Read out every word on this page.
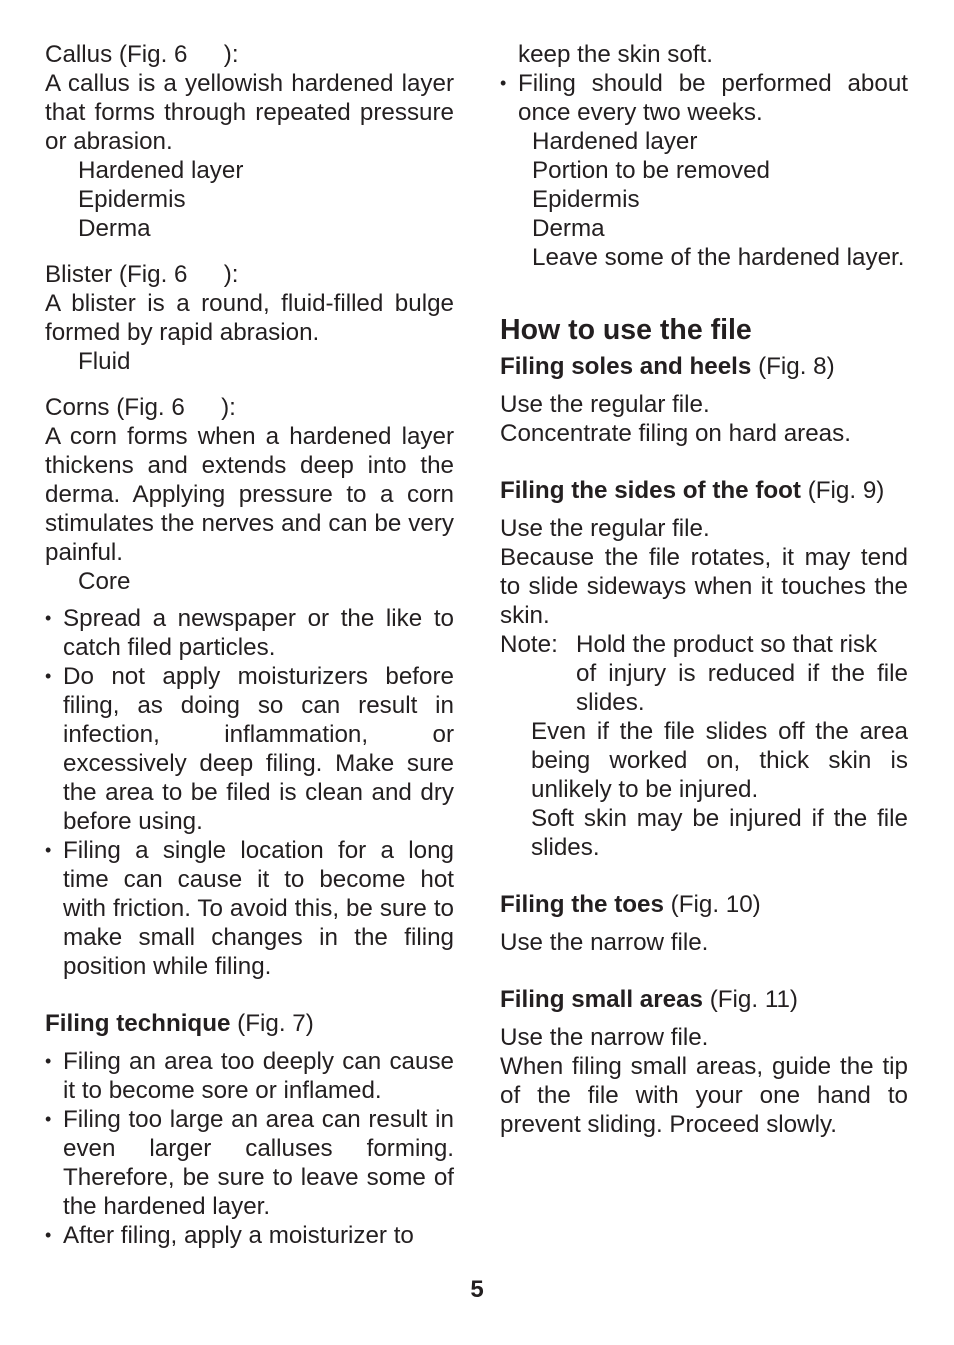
Callus (Fig. 6  ):

A callus is a yellowish hardened layer that forms through repeated pressure or abrasion.

Hardened layer
Epidermis
Derma

Blister (Fig. 6  ):

A blister is a round, fluid-filled bulge formed by rapid abrasion.

Fluid

Corns (Fig. 6  ):

A corn forms when a hardened layer thickens and extends deep into the derma. Applying pressure to a corn stimulates the nerves and can be very painful.

Core
• Spread a newspaper or the like to catch filed particles.
• Do not apply moisturizers before filing, as doing so can result in infection, inflammation, or excessively deep filing. Make sure the area to be filed is clean and dry before using.
• Filing a single location for a long time can cause it to become hot with friction. To avoid this, be sure to make small changes in the filing position while filing.

Filing technique (Fig. 7)

• Filing an area too deeply can cause it to become sore or inflamed.
• Filing too large an area can result in even larger calluses forming. Therefore, be sure to leave some of the hardened layer.
• After filing, apply a moisturizer to
keep the skin soft.
• Filing should be performed about once every two weeks.
Hardened layer
Portion to be removed
Epidermis
Derma
Leave some of the hardened layer.
How to use the file

Filing soles and heels (Fig. 8)

Use the regular file.
Concentrate filing on hard areas.

Filing the sides of the foot (Fig. 9)

Use the regular file.

Because the file rotates, it may tend to slide sideways when it touches the skin.

Note: Hold the product so that risk
of injury is reduced if the file slides.
Even if the file slides off the area being worked on, thick skin is unlikely to be injured.
Soft skin may be injured if the file slides.

Filing the toes (Fig. 10)

Use the narrow file.

Filing small areas (Fig. 11)

Use the narrow file.

When filing small areas, guide the tip of the file with your one hand to prevent sliding. Proceed slowly.

5
